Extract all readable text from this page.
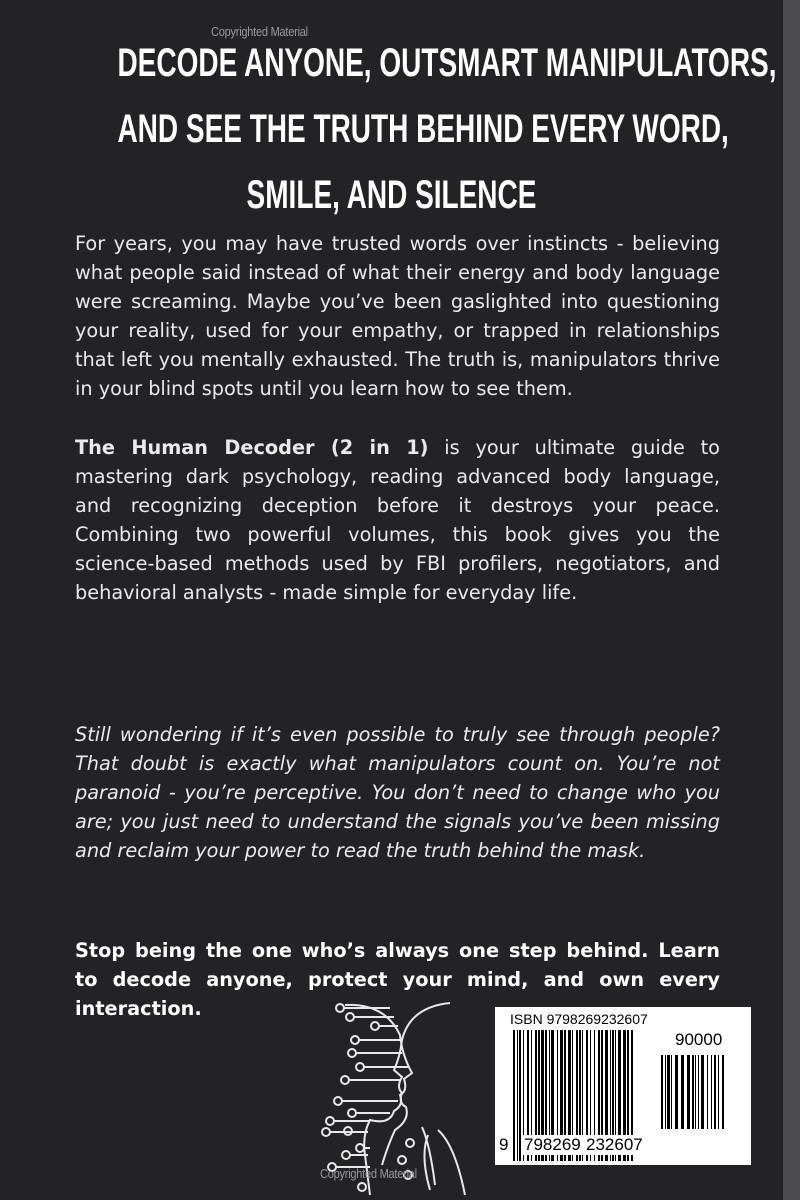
Copyrighted Material
DECODE ANYONE, OUTSMART MANIPULATORS,
AND SEE THE TRUTH BEHIND EVERY WORD,
SMILE, AND SILENCE
For years, you may have trusted words over instincts - believing what people said instead of what their energy and body language were screaming. Maybe you’ve been gaslighted into questioning your reality, used for your empathy, or trapped in relationships that left you mentally exhausted. The truth is, manipulators thrive in your blind spots until you learn how to see them.
The Human Decoder (2 in 1) is your ultimate guide to mastering dark psychology, reading advanced body language, and recognizing deception before it destroys your peace. Combining two powerful volumes, this book gives you the science-based methods used by FBI profilers, negotiators, and behavioral analysts - made simple for everyday life.
Still wondering if it’s even possible to truly see through people? That doubt is exactly what manipulators count on. You’re not paranoid - you’re perceptive. You don’t need to change who you are; you just need to understand the signals you’ve been missing and reclaim your power to read the truth behind the mask.
Stop being the one who’s always one step behind. Learn to decode anyone, protect your mind, and own every interaction.
Copyrighted Material
ISBN 9798269232607
90000
9 798269 232607
